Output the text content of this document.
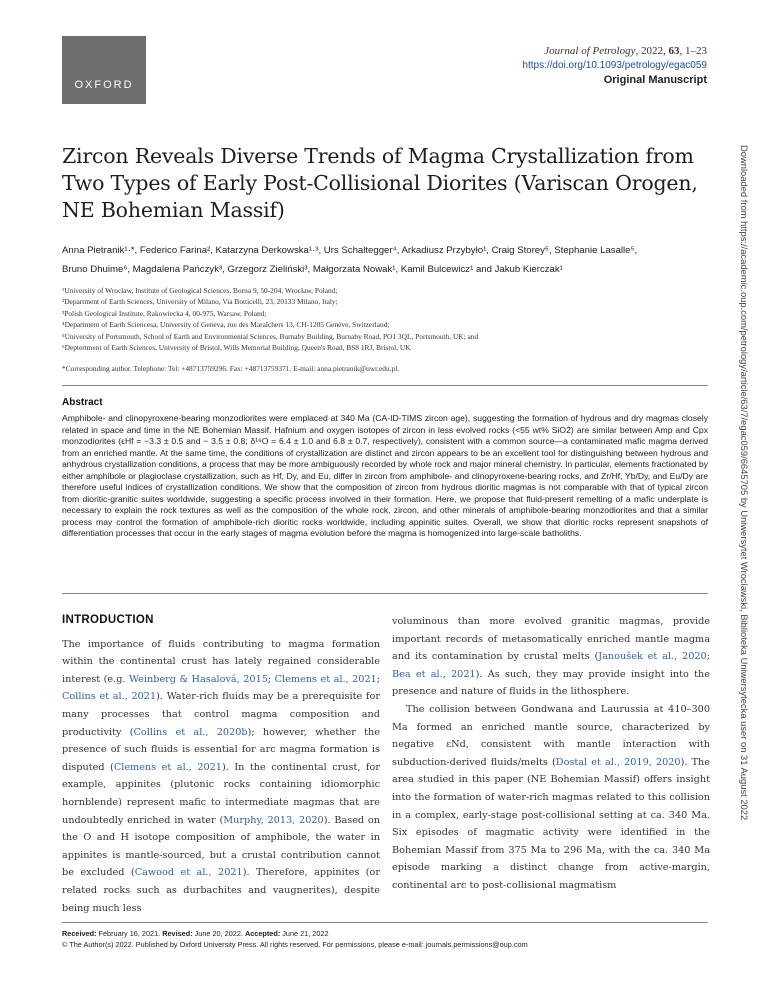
OXFORD
Journal of Petrology, 2022, 63, 1–23
https://doi.org/10.1093/petrology/egac059
Original Manuscript
Zircon Reveals Diverse Trends of Magma Crystallization from Two Types of Early Post-Collisional Diorites (Variscan Orogen, NE Bohemian Massif)
Anna Pietranik¹·*, Federico Farina², Katarzyna Derkowska¹·³, Urs Schaltegger⁴, Arkadiusz Przybyło¹, Craig Storey⁵, Stephanie Lasalle⁵,
Bruno Dhuime⁶, Magdalena Pańczyk³, Grzegorz Zieliński³, Małgorzata Nowak¹, Kamil Bulcewicz¹ and Jakub Kierczak¹
¹University of Wrocław, Institute of Geological Sciences, Borna 9, 50-204, Wrocław, Poland;
²Department of Earth Sciences, University of Milano, Via Botticelli, 23, 20133 Milano, Italy;
³Polish Geological Institute, Rakowiecka 4, 00-975, Warsaw, Poland;
⁴Department of Earth Sciencesa, University of Geneva, rue des Maraîchers 13, CH-1205 Genève, Switzerland;
⁵University of Portsmouth, School of Earth and Environmental Sciences, Burnaby Building, Burnaby Road, PO1 3QL, Portsmouth, UK; and
⁶Deptertment of Earth Sciences, University of Bristol, Wills Memorial Building, Queen's Road, BS8 1RJ, Bristol, UK
*Corresponding author. Telephone: Tel: +48713759296. Fax: +48713759371. E-mail: anna.pietranik@uwr.edu.pl.
Abstract

Amphibole- and clinopyroxene-bearing monzodiorites were emplaced at 340 Ma (CA-ID-TIMS zircon age), suggesting the formation of hydrous and dry magmas closely related in space and time in the NE Bohemian Massif. Hafnium and oxygen isotopes of zircon in less evolved rocks (<55 wt% SiO2) are similar between Amp and Cpx monzodiorites (εHf = −3.3 ± 0.5 and − 3.5 ± 0.8; δ¹⁸O = 6.4 ± 1.0 and 6.8 ± 0.7, respectively), consistent with a common source—a contaminated mafic magma derived from an enriched mantle. At the same time, the conditions of crystallization are distinct and zircon appears to be an excellent tool for distinguishing between hydrous and anhydrous crystallization conditions, a process that may be more ambiguously recorded by whole rock and major mineral chemistry. In particular, elements fractionated by either amphibole or plagioclase crystallization, such as Hf, Dy, and Eu, differ in zircon from amphibole- and clinopyroxene-bearing rocks, and Zr/Hf, Yb/Dy, and Eu/Dy are therefore useful indices of crystallization conditions. We show that the composition of zircon from hydrous dioritic magmas is not comparable with that of typical zircon from dioritic-granitic suites worldwide, suggesting a specific process involved in their formation. Here, we propose that fluid-present remelting of a mafic underplate is necessary to explain the rock textures as well as the composition of the whole rock, zircon, and other minerals of amphibole-bearing monzodiorites and that a similar process may control the formation of amphibole-rich dioritic rocks worldwide, including appinitic suites. Overall, we show that dioritic rocks represent snapshots of differentiation processes that occur in the early stages of magma evolution before the magma is homogenized into large-scale batholiths.

INTRODUCTION

The importance of fluids contributing to magma formation within the continental crust has lately regained considerable interest (e.g. Weinberg & Hasalová, 2015; Clemens et al., 2021; Collins et al., 2021). Water-rich fluids may be a prerequisite for many processes that control magma composition and productivity (Collins et al., 2020b); however, whether the presence of such fluids is essential for arc magma formation is disputed (Clemens et al., 2021). In the continental crust, for example, appinites (plutonic rocks containing idiomorphic hornblende) represent mafic to intermediate magmas that are undoubtedly enriched in water (Murphy, 2013, 2020). Based on the O and H isotope composition of amphibole, the water in appinites is mantle-sourced, but a crustal contribution cannot be excluded (Cawood et al., 2021). Therefore, appinites (or related rocks such as durbachites and vaugnerites), despite being much less

voluminous than more evolved granitic magmas, provide important records of metasomatically enriched mantle magma and its contamination by crustal melts (Janoušek et al., 2020; Bea et al., 2021). As such, they may provide insight into the presence and nature of fluids in the lithosphere.

The collision between Gondwana and Laurussia at 410–300 Ma formed an enriched mantle source, characterized by negative εNd, consistent with mantle interaction with subduction-derived fluids/melts (Dostal et al., 2019, 2020). The area studied in this paper (NE Bohemian Massif) offers insight into the formation of water-rich magmas related to this collision in a complex, early-stage post-collisional setting at ca. 340 Ma. Six episodes of magmatic activity were identified in the Bohemian Massif from 375 Ma to 296 Ma, with the ca. 340 Ma episode marking a distinct change from active-margin, continental arc to post-collisional magmatism

Received: February 16, 2021. Revised: June 20, 2022. Accepted: June 21, 2022
© The Author(s) 2022. Published by Oxford University Press. All rights reserved. For permissions, please e-mail: journals.permissions@oup.com
Downloaded from https://academic.oup.com/petrology/article/63/7/egac059/6645705 by Uniwersytet Wroclawski, Biblioteka Uniwersytecka user on 31 August 2022
